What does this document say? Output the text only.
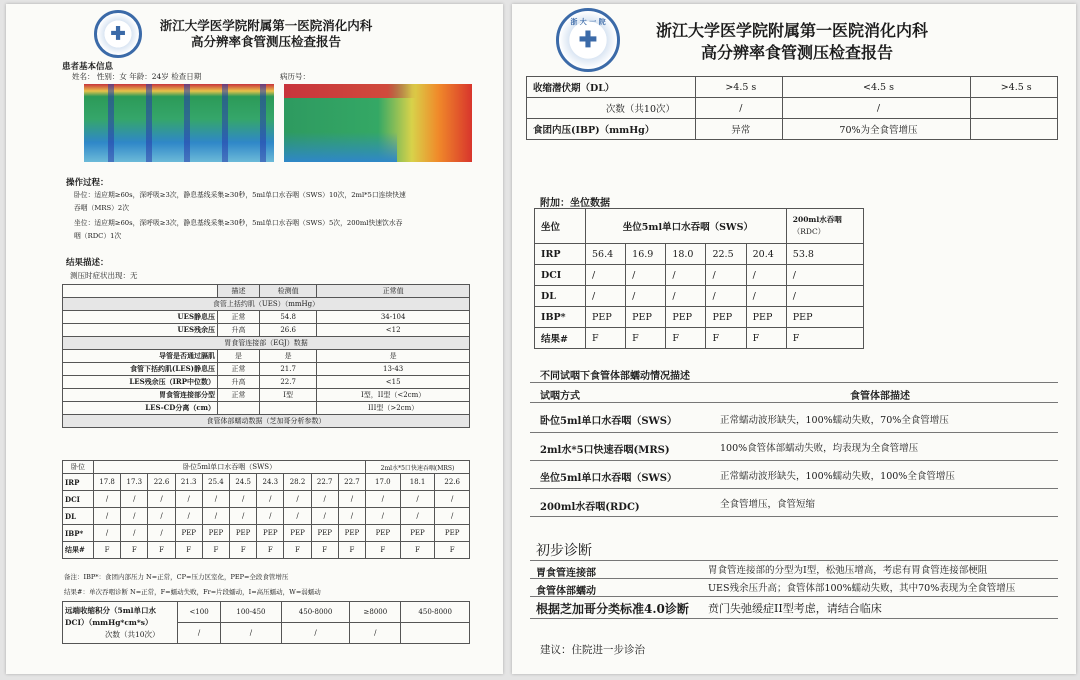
✚	浙江大学医学院附属第一医院消化内科
高分辨率食管测压检查报告
患者基本信息
姓名： 性别：女 年龄：24岁 检查日期	病历号：
操作过程：
卧位：适应期≥60s，深呼吸≥3次，静息基线采集≥30秒，5ml单口水吞咽（SWS）10次，2ml*5口连续快速
吞咽（MRS）2次
坐位：适应期≥60s，深呼吸≥3次，静息基线采集≥30秒，5ml单口水吞咽（SWS）5次，200ml快速饮水吞
咽（RDC）1次
结果描述：
测压时症状出现：无
	描述	检测值	正常值
食管上括约肌（UES）（mmHg）			
UES静息压	正常	54.8	34-104
UES残余压	升高	26.6	<12
胃食管连接部（EGJ）数据			
导管是否通过膈肌	是	是	是
食管下括约肌(LES)静息压	正常	21.7	13-43
LES残余压（IRP中位数）	升高	22.7	<15
胃食管连接部分型	正常	I型	I型，II型（<2cm）
LES-CD分离（cm）			III型（>2cm）
食管体部蠕动数据（芝加哥分析参数）			
卧位	卧位5ml单口水吞咽（SWS）										2ml水*5口快速吞咽(MRS)		
IRP	17.8	17.3	22.6	21.3	25.4	24.5	24.3	28.2	22.7	22.7	17.0	18.1	22.6
DCI	/	/	/	/	/	/	/	/	/	/	/	/	/
DL	/	/	/	/	/	/	/	/	/	/	/	/	/
IBP*	/	/	/	PEP	PEP	PEP	PEP	PEP	PEP	PEP	PEP	PEP	PEP
结果#	F	F	F	F	F	F	F	F	F	F	F	F	F
备注：IBP*：食团内部压力 N=正常，CP=压力区室化，PEP=全段食管增压
结果#：单次吞咽诊断 N=正常，F=蠕动失败，Fr=片段蠕动，I=高压蠕动，W=弱蠕动
远端收缩积分（5ml单口水DCI）（mmHg*cm*s）
次数（共10次）	<100	100-450	450-8000	≥8000	450-8000
	/	/	/	/	
浙 大 一 院
✚	浙江大学医学院附属第一医院消化内科
高分辨率食管测压检查报告
收缩潜伏期（DL）	>4.5 s	<4.5 s	>4.5 s
次数（共10次）	/	/	
食团内压(IBP)（mmHg）	异常	70%为全食管增压	
附加：坐位数据
坐位	坐位5ml单口水吞咽（SWS）					200ml水吞咽
（RDC）
IRP	56.4	16.9	18.0	22.5	20.4	53.8
DCI	/	/	/	/	/	/
DL	/	/	/	/	/	/
IBP*	PEP	PEP	PEP	PEP	PEP	PEP
结果#	F	F	F	F	F	F
不同试咽下食管体部蠕动情况描述
试咽方式	食管体部描述
卧位5ml单口水吞咽（SWS）	正常蠕动波形缺失，100%蠕动失败，70%全食管增压
2ml水*5口快速吞咽(MRS)	100%食管体部蠕动失败，均表现为全食管增压
坐位5ml单口水吞咽（SWS）	正常蠕动波形缺失，100%蠕动失败，100%全食管增压
200ml水吞咽(RDC)	全食管增压，食管短缩
初步诊断
胃食管连接部	胃食管连接部的分型为I型，松弛压增高，考虑有胃食管连接部梗阻
食管体部蠕动	UES残余压升高；食管体部100%蠕动失败，其中70%表现为全食管增压
根据芝加哥分类标准4.0诊断 贲门失弛缓症II型考虑，请结合临床
建议：住院进一步诊治
